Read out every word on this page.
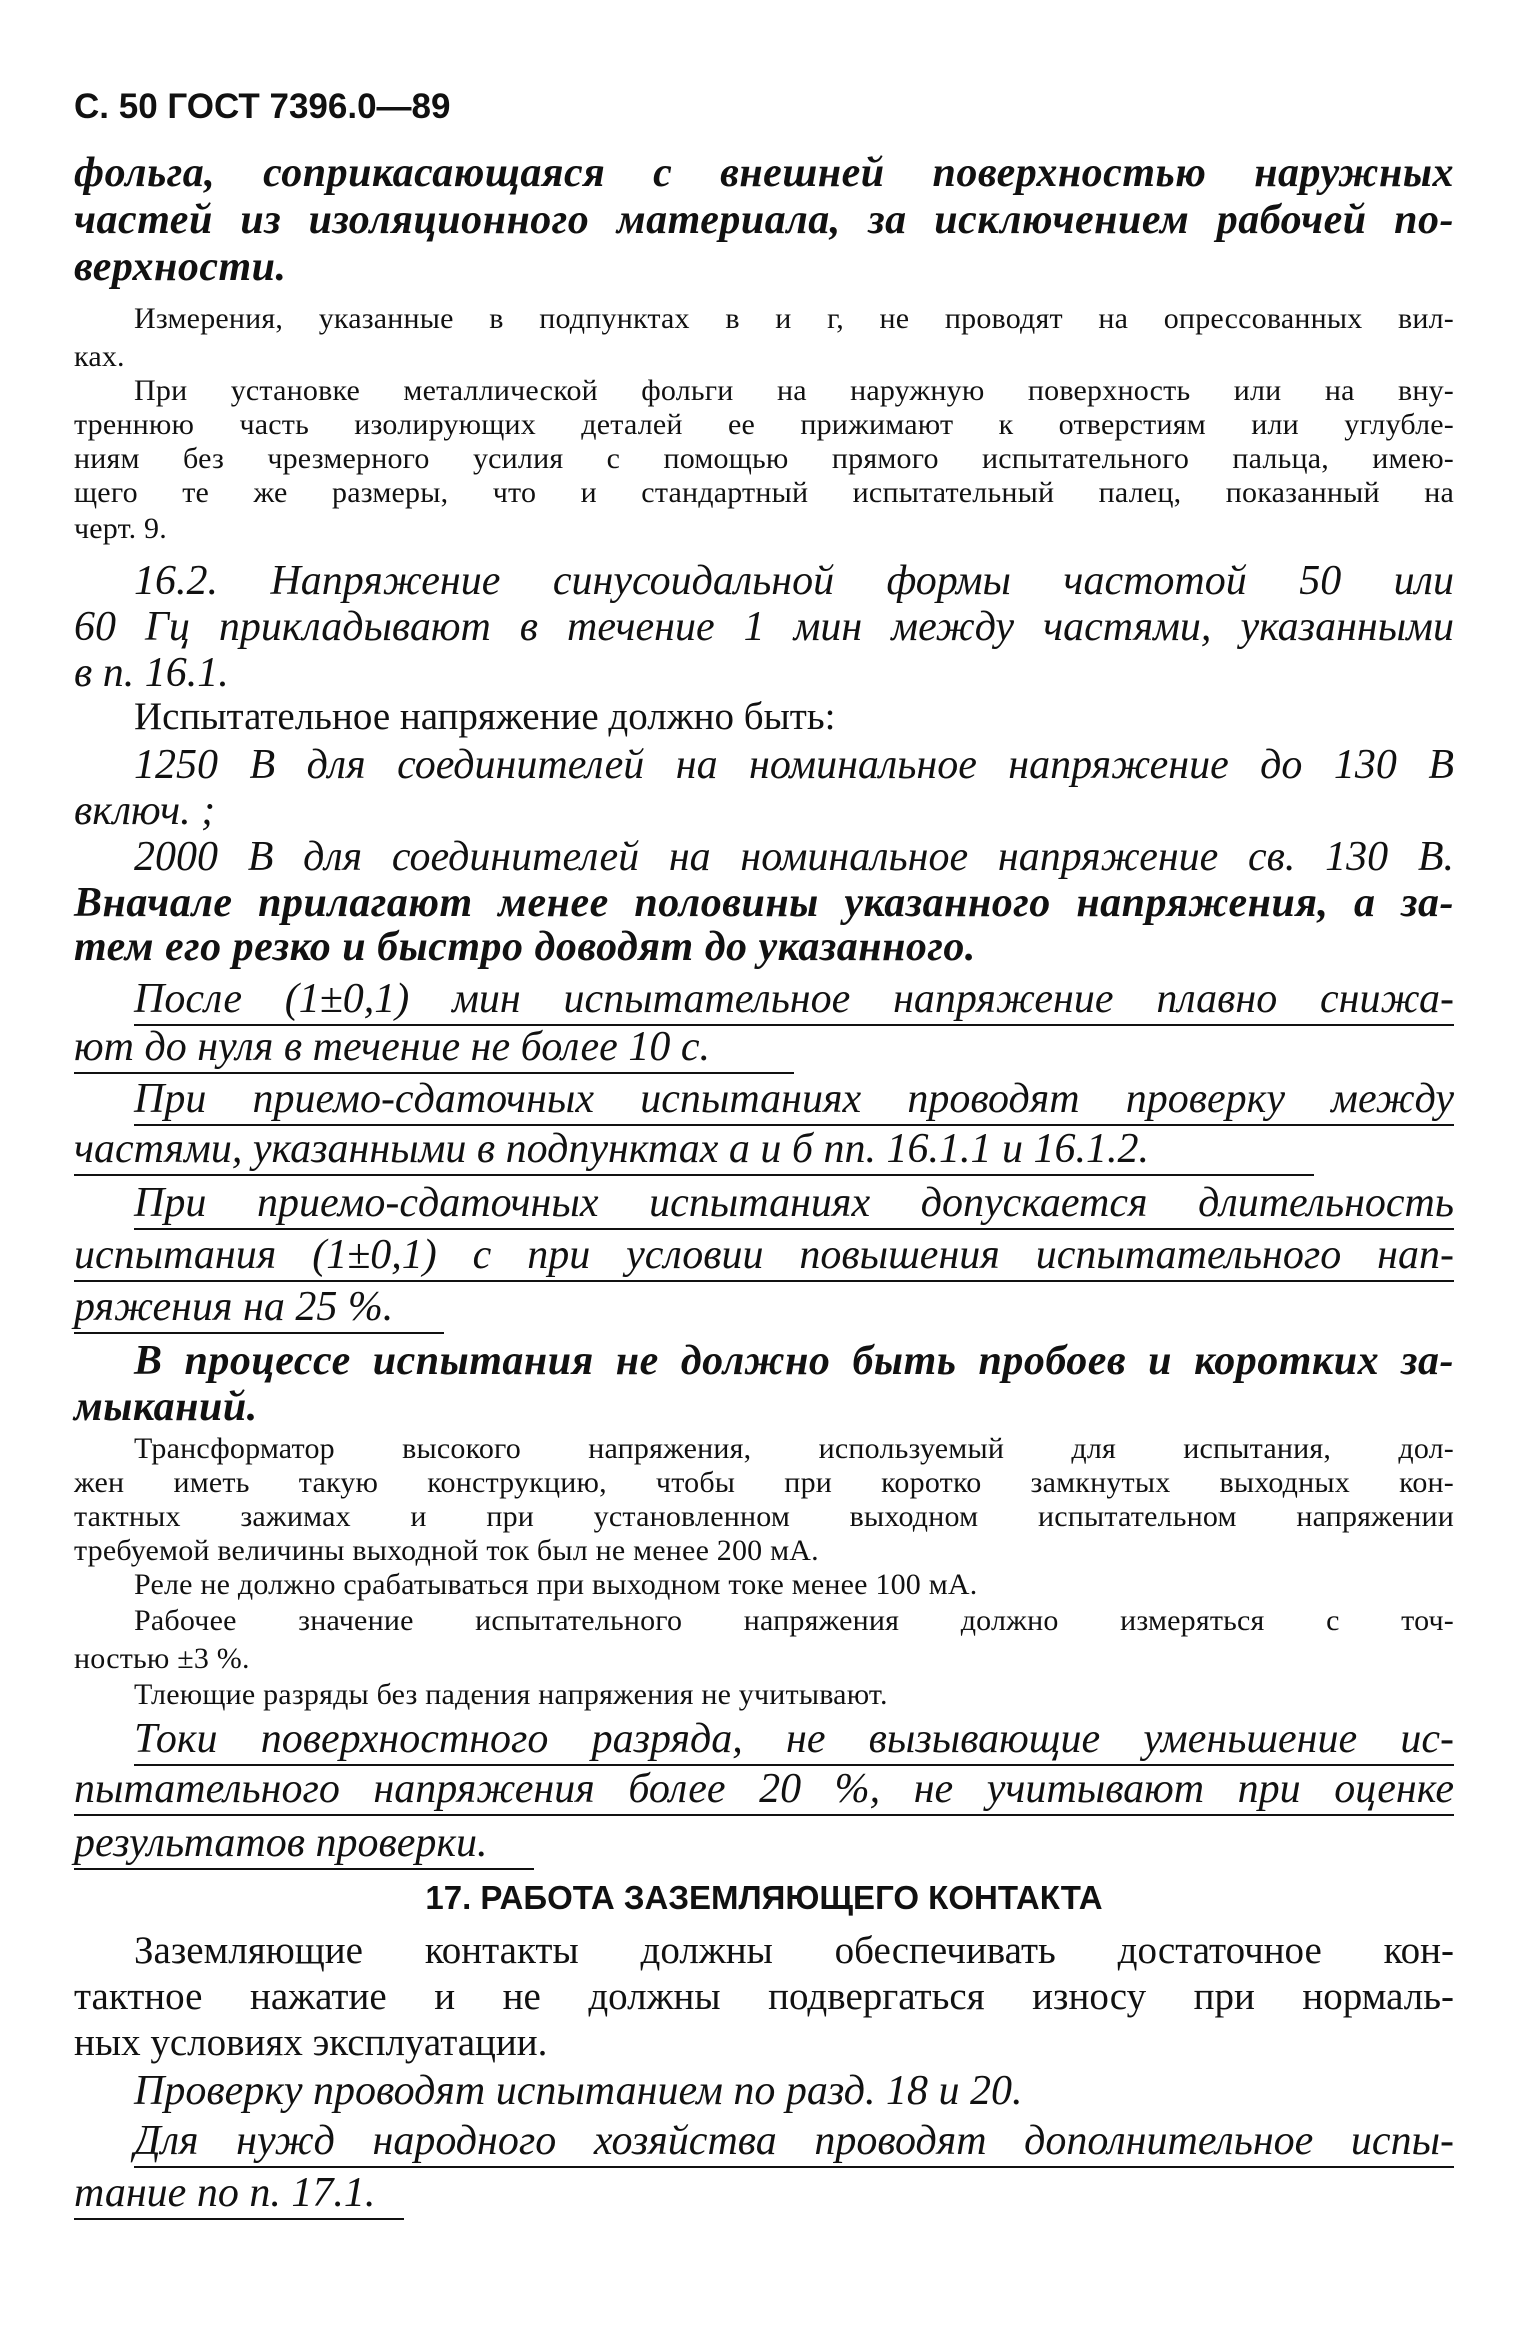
С. 50 ГОСТ 7396.0—89

фольга, соприкасающаяся с внешней поверхностью наружных

частей из изоляционного материала, за исключением рабочей по-

верхности.

Измерения, указанные в подпунктах в и г, не проводят на опрессованных вил-

ках.

При установке металлической фольги на наружную поверхность или на вну-

треннюю часть изолирующих деталей ее прижимают к отверстиям или углубле-

ниям без чрезмерного усилия с помощью прямого испытательного пальца, имею-

щего те же размеры, что и стандартный испытательный палец, показанный на

черт. 9.

16.2. Напряжение синусоидальной формы частотой 50 или

60 Гц прикладывают в течение 1 мин между частями, указанными

в п. 16.1.

Испытательное напряжение должно быть:

1250 В для соединителей на номинальное напряжение до 130 В

включ. ;

2000 В для соединителей на номинальное напряжение св. 130 В.

Вначале прилагают менее половины указанного напряжения, а за-

тем его резко и быстро доводят до указанного.

После (1±0,1) мин испытательное напряжение плавно снижа-

ют до нуля в течение не более 10 с.

При приемо-сдаточных испытаниях проводят проверку между

частями, указанными в подпунктах а и б пп. 16.1.1 и 16.1.2.

При приемо-сдаточных испытаниях допускается длительность

испытания (1±0,1) с при условии повышения испытательного нап-

ряжения на 25 %.

В процессе испытания не должно быть пробоев и коротких за-

мыканий.

Трансформатор высокого напряжения, используемый для испытания, дол-

жен иметь такую конструкцию, чтобы при коротко замкнутых выходных кон-

тактных зажимах и при установленном выходном испытательном напряжении

требуемой величины выходной ток был не менее 200 мА.

Реле не должно срабатываться при выходном токе менее 100 мА.

Рабочее значение испытательного напряжения должно измеряться с точ-

ностью ±3 %.

Тлеющие разряды без падения напряжения не учитывают.

Токи поверхностного разряда, не вызывающие уменьшение ис-

пытательного напряжения более 20 %, не учитывают при оценке

результатов проверки.

17. РАБОТА ЗАЗЕМЛЯЮЩЕГО КОНТАКТА

Заземляющие контакты должны обеспечивать достаточное кон-

тактное нажатие и не должны подвергаться износу при нормаль-

ных условиях эксплуатации.

Проверку проводят испытанием по разд. 18 и 20.

Для нужд народного хозяйства проводят дополнительное испы-

тание по п. 17.1.
